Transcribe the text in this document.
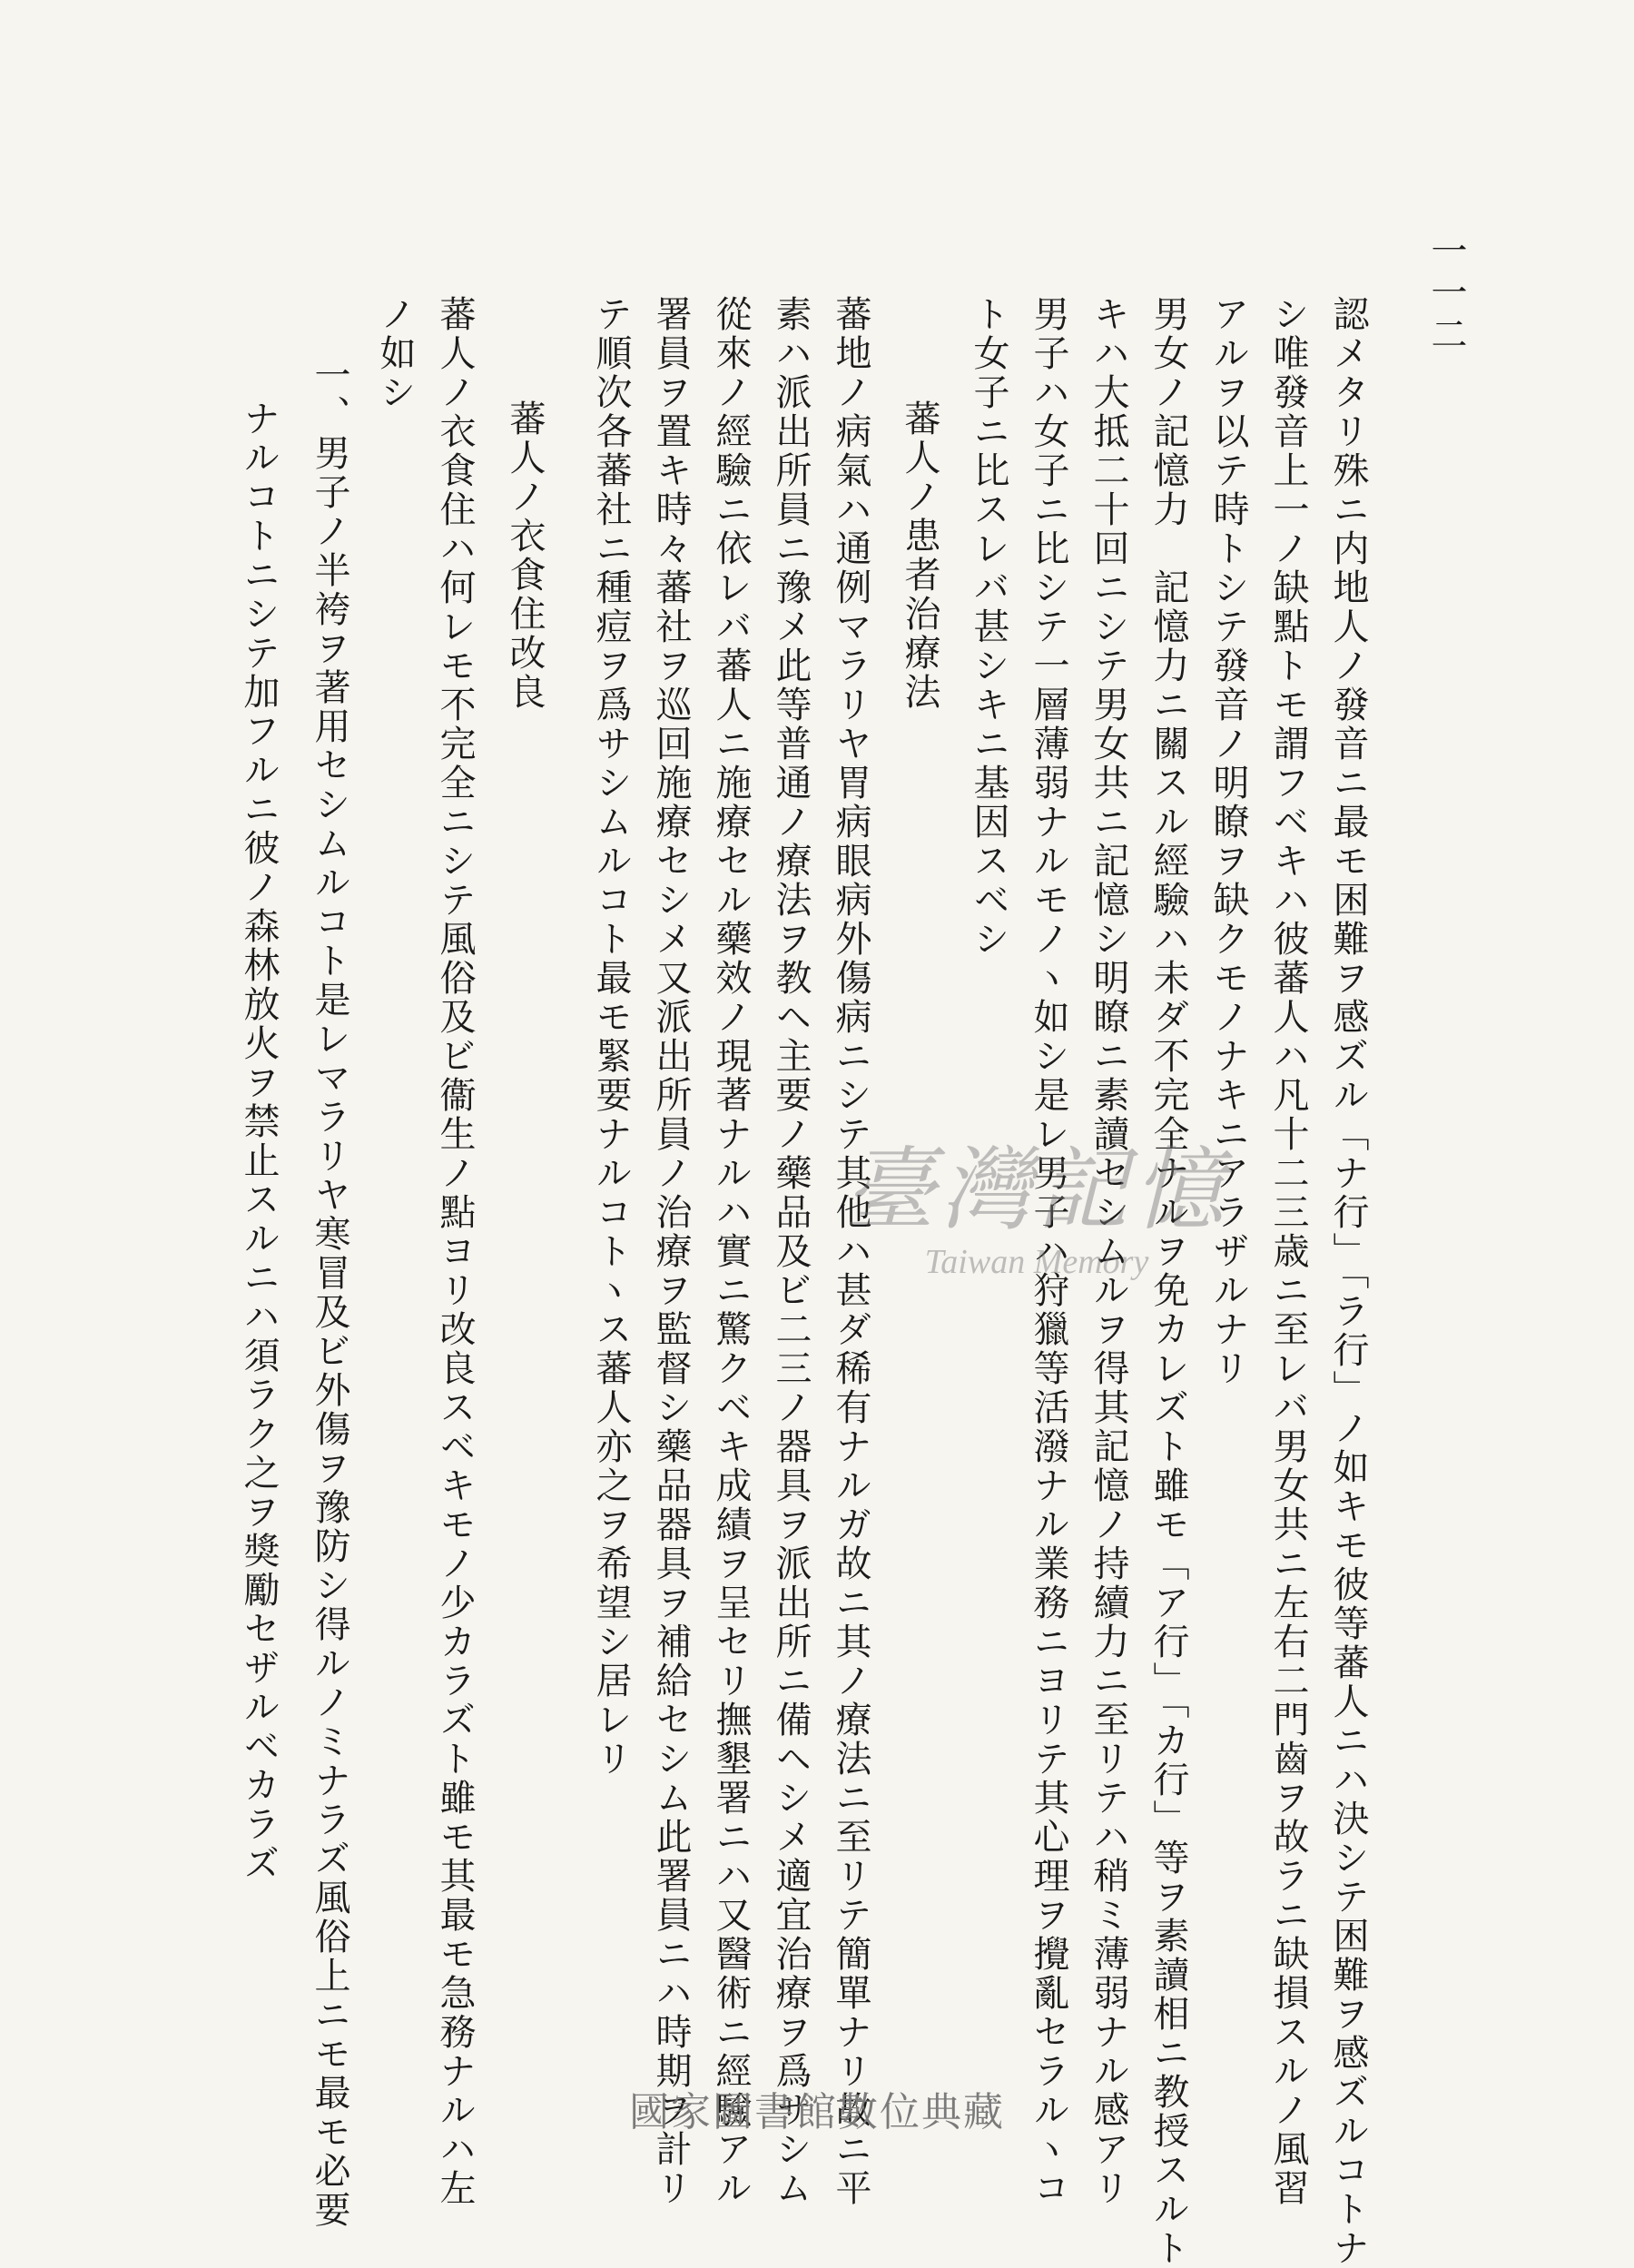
一一二
認メタリ殊ニ内地人ノ發音ニ最モ困難ヲ感ズル「ナ行」「ラ行」ノ如キモ彼等蕃人ニハ決シテ困難ヲ感ズルコトナ
シ唯發音上一ノ缺點トモ謂フベキハ彼蕃人ハ凡十二三歳ニ至レバ男女共ニ左右二門齒ヲ故ラニ缺損スルノ風習
アルヲ以テ時トシテ發音ノ明瞭ヲ缺クモノナキニアラザルナリ
男女ノ記憶力　記憶力ニ關スル經驗ハ未ダ不完全ナルヲ免カレズト雖モ「ア行」「カ行」等ヲ素讀相ニ教授スルト
キハ大抵二十回ニシテ男女共ニ記憶シ明瞭ニ素讀セシムルヲ得其記憶ノ持續力ニ至リテハ稍ミ薄弱ナル感アリ
男子ハ女子ニ比シテ一層薄弱ナルモノヽ如シ是レ男子ハ狩獵等活潑ナル業務ニヨリテ其心理ヲ攪亂セラルヽコ
ト女子ニ比スレバ甚シキニ基因スベシ
蕃人ノ患者治療法
蕃地ノ病氣ハ通例マラリヤ胃病眼病外傷病ニシテ其他ハ甚ダ稀有ナルガ故ニ其ノ療法ニ至リテ簡單ナリ故ニ平
素ハ派出所員ニ豫メ此等普通ノ療法ヲ教ヘ主要ノ藥品及ビ二三ノ器具ヲ派出所ニ備ヘシメ適宜治療ヲ爲サシム
從來ノ經驗ニ依レバ蕃人ニ施療セル藥效ノ現著ナルハ實ニ驚クベキ成績ヲ呈セリ撫墾署ニハ又醫術ニ經驗アル
署員ヲ置キ時々蕃社ヲ巡回施療セシメ又派出所員ノ治療ヲ監督シ藥品器具ヲ補給セシム此署員ニハ時期ヲ計リ
テ順次各蕃社ニ種痘ヲ爲サシムルコト最モ緊要ナルコトヽス蕃人亦之ヲ希望シ居レリ
蕃人ノ衣食住改良
蕃人ノ衣食住ハ何レモ不完全ニシテ風俗及ビ衞生ノ點ヨリ改良スベキモノ少カラズト雖モ其最モ急務ナルハ左
ノ如シ
一、男子ノ半袴ヲ著用セシムルコト是レマラリヤ寒冒及ビ外傷ヲ豫防シ得ルノミナラズ風俗上ニモ最モ必要
ナルコトニシテ加フルニ彼ノ森林放火ヲ禁止スルニハ須ラク之ヲ獎勵セザルベカラズ	臺灣記憶
Taiwan Memory
國家圖書館數位典藏
